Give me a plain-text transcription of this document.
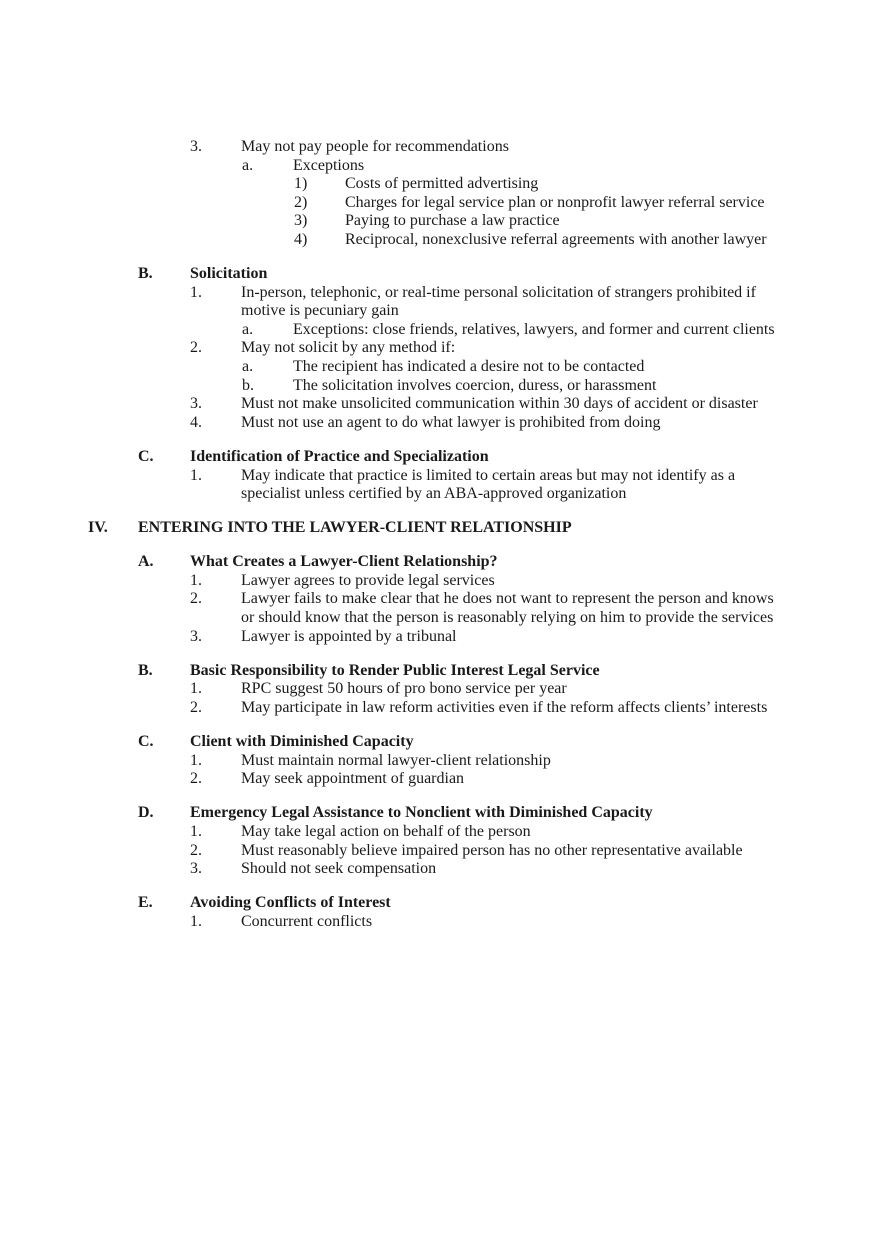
3. May not pay people for recommendations
a. Exceptions
1) Costs of permitted advertising
2) Charges for legal service plan or nonprofit lawyer referral service
3) Paying to purchase a law practice
4) Reciprocal, nonexclusive referral agreements with another lawyer
B. Solicitation
1. In-person, telephonic, or real-time personal solicitation of strangers prohibited if motive is pecuniary gain
a. Exceptions: close friends, relatives, lawyers, and former and current clients
2. May not solicit by any method if:
a. The recipient has indicated a desire not to be contacted
b. The solicitation involves coercion, duress, or harassment
3. Must not make unsolicited communication within 30 days of accident or disaster
4. Must not use an agent to do what lawyer is prohibited from doing
C. Identification of Practice and Specialization
1. May indicate that practice is limited to certain areas but may not identify as a specialist unless certified by an ABA-approved organization
IV. ENTERING INTO THE LAWYER-CLIENT RELATIONSHIP
A. What Creates a Lawyer-Client Relationship?
1. Lawyer agrees to provide legal services
2. Lawyer fails to make clear that he does not want to represent the person and knows or should know that the person is reasonably relying on him to provide the services
3. Lawyer is appointed by a tribunal
B. Basic Responsibility to Render Public Interest Legal Service
1. RPC suggest 50 hours of pro bono service per year
2. May participate in law reform activities even if the reform affects clients’ interests
C. Client with Diminished Capacity
1. Must maintain normal lawyer-client relationship
2. May seek appointment of guardian
D. Emergency Legal Assistance to Nonclient with Diminished Capacity
1. May take legal action on behalf of the person
2. Must reasonably believe impaired person has no other representative available
3. Should not seek compensation
E. Avoiding Conflicts of Interest
1. Concurrent conflicts
